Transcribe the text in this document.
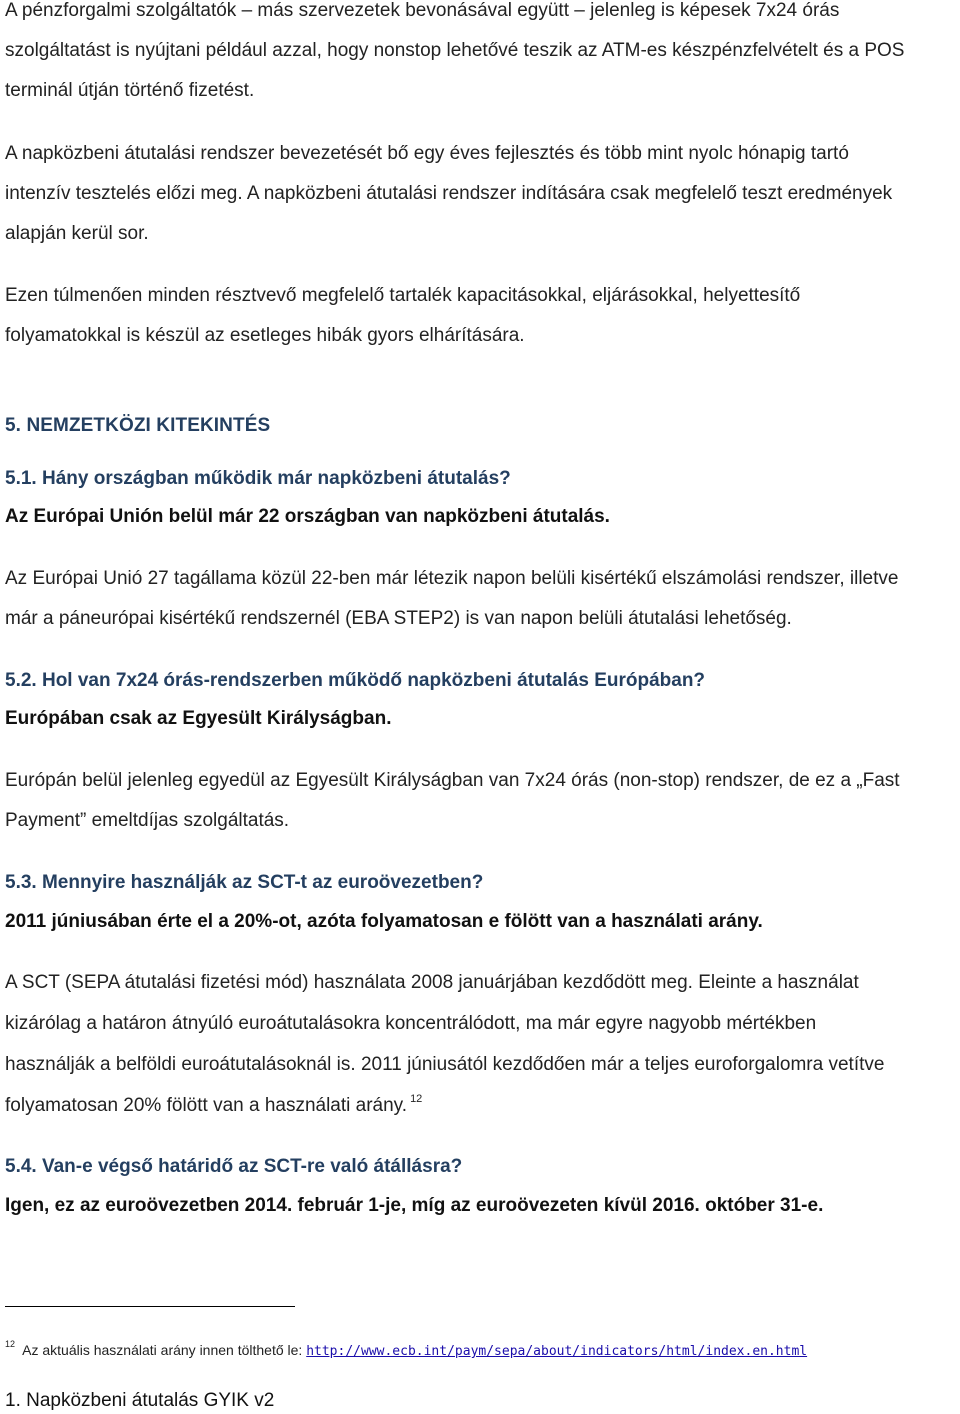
A pénzforgalmi szolgáltatók – más szervezetek bevonásával együtt – jelenleg is képesek 7x24 órás
szolgáltatást is nyújtani például azzal, hogy nonstop lehetővé teszik az ATM-es készpénzfelvételt és a POS
terminál útján történő fizetést.
A napközbeni átutalási rendszer bevezetését bő egy éves fejlesztés és több mint nyolc hónapig tartó
intenzív tesztelés előzi meg. A napközbeni átutalási rendszer indítására csak megfelelő teszt eredmények
alapján kerül sor.
Ezen túlmenően minden résztvevő megfelelő tartalék kapacitásokkal, eljárásokkal, helyettesítő
folyamatokkal is készül az esetleges hibák gyors elhárítására.
5. NEMZETKÖZI KITEKINTÉS
5.1. Hány országban működik már napközbeni átutalás?
Az Európai Unión belül már 22 országban van napközbeni átutalás.
Az Európai Unió 27 tagállama közül 22-ben már létezik napon belüli kisértékű elszámolási rendszer, illetve
már a páneurópai kisértékű rendszernél (EBA STEP2) is van napon belüli átutalási lehetőség.
5.2. Hol van 7x24 órás-rendszerben működő napközbeni átutalás Európában?
Európában csak az Egyesült Királyságban.
Európán belül jelenleg egyedül az Egyesült Királyságban van 7x24 órás (non-stop) rendszer, de ez a „Fast
Payment” emeltdíjas szolgáltatás.
5.3. Mennyire használják az SCT-t az euroövezetben?
2011 júniusában érte el a 20%-ot, azóta folyamatosan e fölött van a használati arány.
A SCT (SEPA átutalási fizetési mód) használata 2008 januárjában kezdődött meg. Eleinte a használat
kizárólag a határon átnyúló euroátutalásokra koncentrálódott, ma már egyre nagyobb mértékben
használják a belföldi euroátutalásoknál is. 2011 júniusától kezdődően már a teljes euroforgalomra vetítve
folyamatosan 20% fölött van a használati arány. $^{12}$
5.4. Van-e végső határidő az SCT-re való átállásra?
Igen, ez az euroövezetben 2014. február 1-je, míg az euroövezeten kívül 2016. október 31-e.
$^{12}$ Az aktuális használati arány innen tölthető le: http://www.ecb.int/paym/sepa/about/indicators/html/index.en.html
1. Napközbeni átutalás GYIK v2
